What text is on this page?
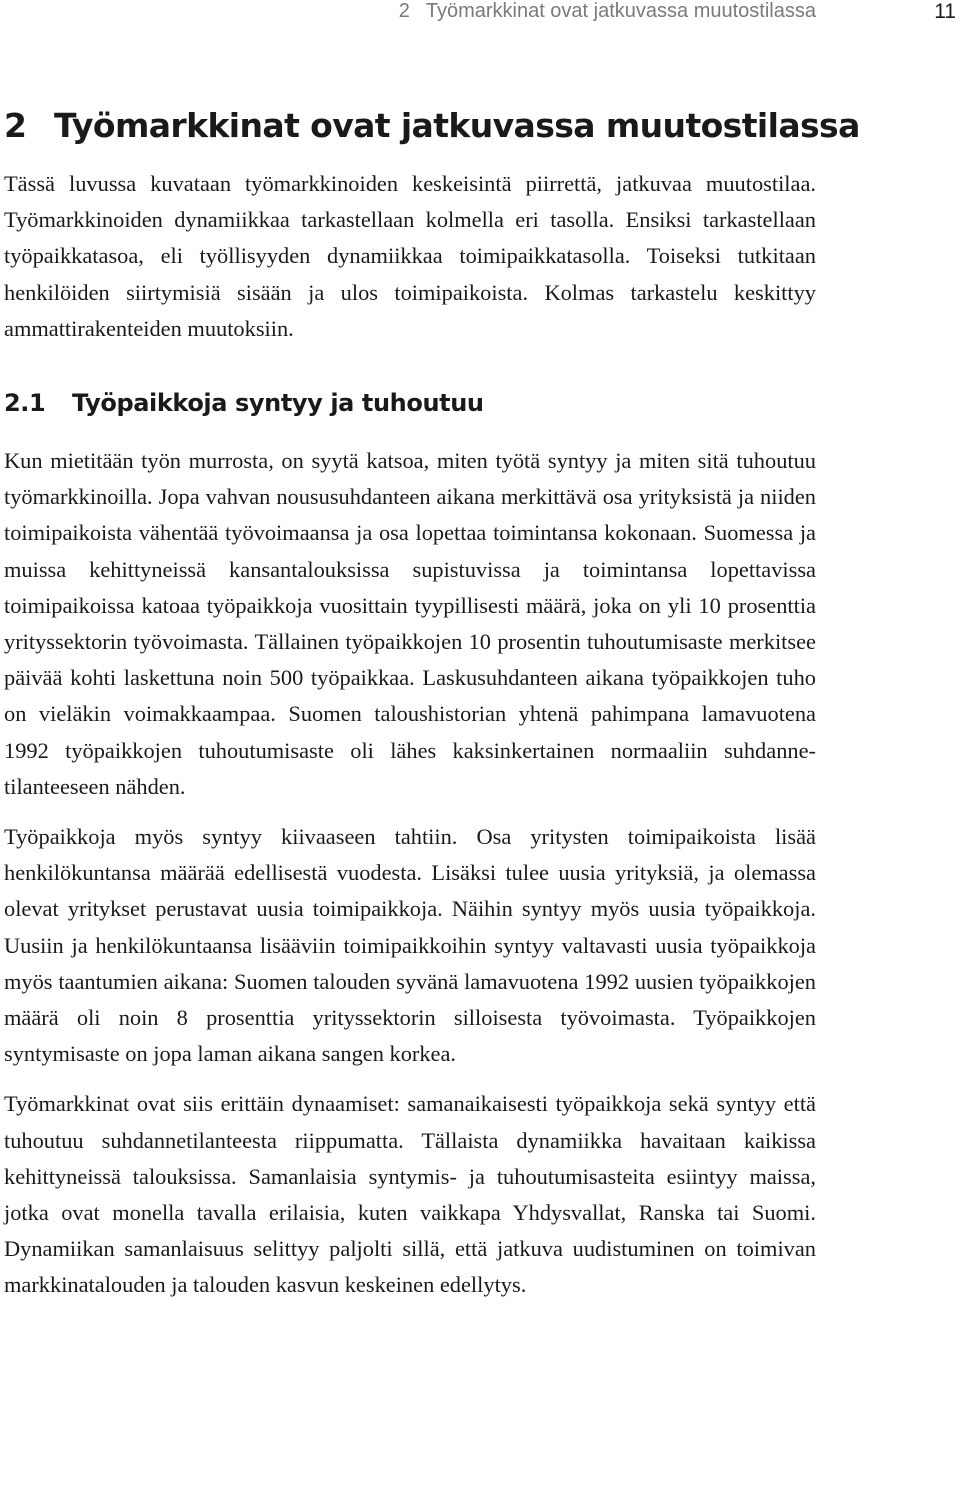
2 Työmarkkinat ovat jatkuvassa muutostilassa	11
2 Työmarkkinat ovat jatkuvassa muutostilassa

Tässä luvussa kuvataan työmarkkinoiden keskeisintä piirrettä, jatkuvaa muutostilaa. Työmarkkinoiden dynamiikkaa tarkastellaan kolmella eri tasolla. Ensiksi tarkastellaan työpaikkatasoa, eli työllisyyden dynamiikkaa toimipaikkatasolla. Toiseksi tutkitaan henkilöiden siirtymisiä sisään ja ulos toimipaikoista. Kolmas tarkastelu keskittyy ammattirakenteiden muutoksiin.

2.1 Työpaikkoja syntyy ja tuhoutuu

Kun mietitään työn murrosta, on syytä katsoa, miten työtä syntyy ja miten sitä tuhoutuu työmarkkinoilla. Jopa vahvan noususuhdanteen aikana merkittävä osa yrityksistä ja niiden toimipaikoista vähentää työvoimaansa ja osa lopettaa toimintansa kokonaan. Suomessa ja muissa kehittyneissä kansantalouksissa supistuvissa ja toimintansa lopettavissa toimipaikoissa katoaa työpaikkoja vuosittain tyypillisesti määrä, joka on yli 10 prosenttia yrityssektorin työvoimasta. Tällainen työpaikkojen 10 prosentin tuhoutumisaste merkitsee päivää kohti laskettuna noin 500 työpaikkaa. Laskusuhdanteen aikana työpaikkojen tuho on vieläkin voimakkaampaa. Suomen taloushistorian yhtenä pahimpana lamavuotena 1992 työpaikkojen tuhoutumisaste oli lähes kaksinkertainen normaaliin suhdannetilanteeseen nähden.

Työpaikkoja myös syntyy kiivaaseen tahtiin. Osa yritysten toimipaikoista lisää henkilökuntansa määrää edellisestä vuodesta. Lisäksi tulee uusia yrityksiä, ja olemassa olevat yritykset perustavat uusia toimipaikkoja. Näihin syntyy myös uusia työpaikkoja. Uusiin ja henkilökuntaansa lisääviin toimipaikkoihin syntyy valtavasti uusia työpaikkoja myös taantumien aikana: Suomen talouden syvänä lamavuotena 1992 uusien työpaikkojen määrä oli noin 8 prosenttia yrityssektorin silloisesta työvoimasta. Työpaikkojen syntymisaste on jopa laman aikana sangen korkea.

Työmarkkinat ovat siis erittäin dynaamiset: samanaikaisesti työpaikkoja sekä syntyy että tuhoutuu suhdannetilanteesta riippumatta. Tällaista dynamiikka havaitaan kaikissa kehittyneissä talouksissa. Samanlaisia syntymis- ja tuhoutumisasteita esiintyy maissa, jotka ovat monella tavalla erilaisia, kuten vaikkapa Yhdysvallat, Ranska tai Suomi. Dynamiikan samanlaisuus selittyy paljolti sillä, että jatkuva uudistuminen on toimivan markkinatalouden ja talouden kasvun keskeinen edellytys.
